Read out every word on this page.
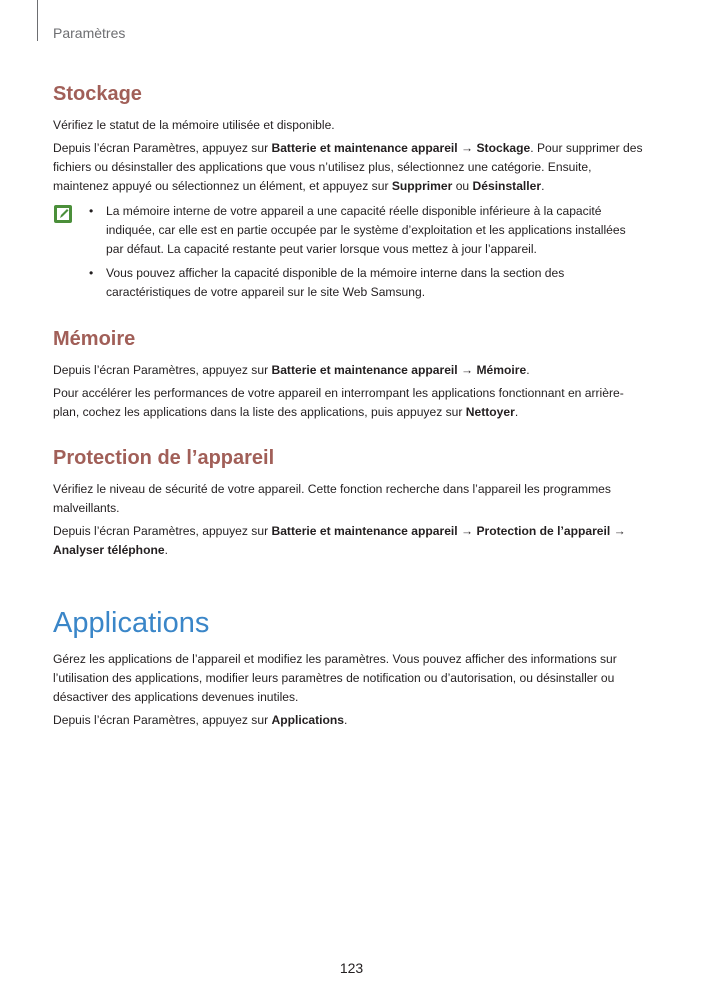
Paramètres
Stockage

Vérifiez le statut de la mémoire utilisée et disponible.

Depuis l’écran Paramètres, appuyez sur Batterie et maintenance appareil → Stockage. Pour supprimer des fichiers ou désinstaller des applications que vous n’utilisez plus, sélectionnez une catégorie. Ensuite, maintenez appuyé ou sélectionnez un élément, et appuyez sur Supprimer ou Désinstaller.

• La mémoire interne de votre appareil a une capacité réelle disponible inférieure à la capacité indiquée, car elle est en partie occupée par le système d’exploitation et les applications installées par défaut. La capacité restante peut varier lorsque vous mettez à jour l’appareil.
• Vous pouvez afficher la capacité disponible de la mémoire interne dans la section des caractéristiques de votre appareil sur le site Web Samsung.
Mémoire

Depuis l’écran Paramètres, appuyez sur Batterie et maintenance appareil → Mémoire.

Pour accélérer les performances de votre appareil en interrompant les applications fonctionnant en arrière-plan, cochez les applications dans la liste des applications, puis appuyez sur Nettoyer.

Protection de l’appareil

Vérifiez le niveau de sécurité de votre appareil. Cette fonction recherche dans l’appareil les programmes malveillants.

Depuis l’écran Paramètres, appuyez sur Batterie et maintenance appareil → Protection de l’appareil → Analyser téléphone.

Applications

Gérez les applications de l’appareil et modifiez les paramètres. Vous pouvez afficher des informations sur l’utilisation des applications, modifier leurs paramètres de notification ou d’autorisation, ou désinstaller ou désactiver des applications devenues inutiles.

Depuis l’écran Paramètres, appuyez sur Applications.

123
